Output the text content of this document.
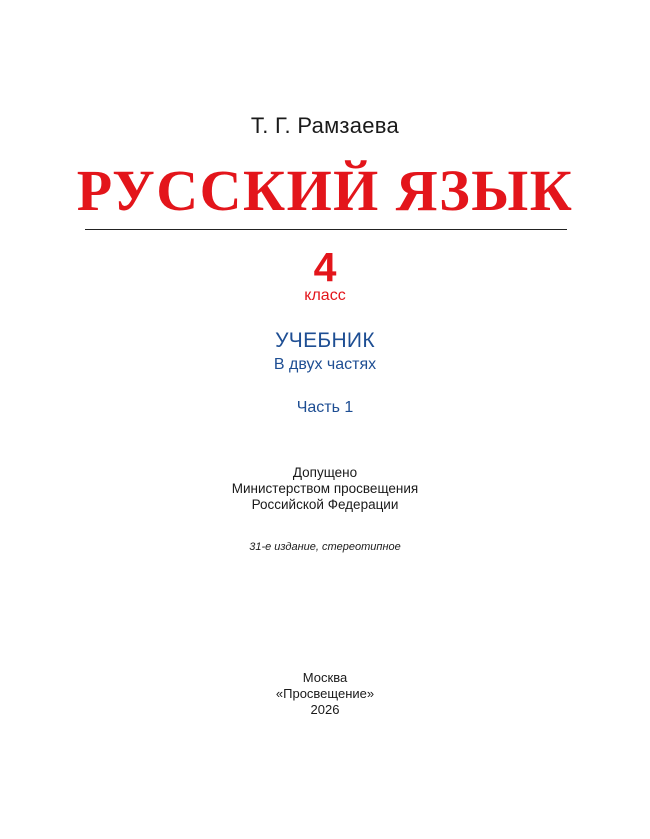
Т. Г. Рамзаева
РУССКИЙ ЯЗЫК
4
класс
УЧЕБНИК
В двух частях
Часть 1
Допущено
Министерством просвещения
Российской Федерации
31-е издание, стереотипное
Москва
«Просвещение»
2026
